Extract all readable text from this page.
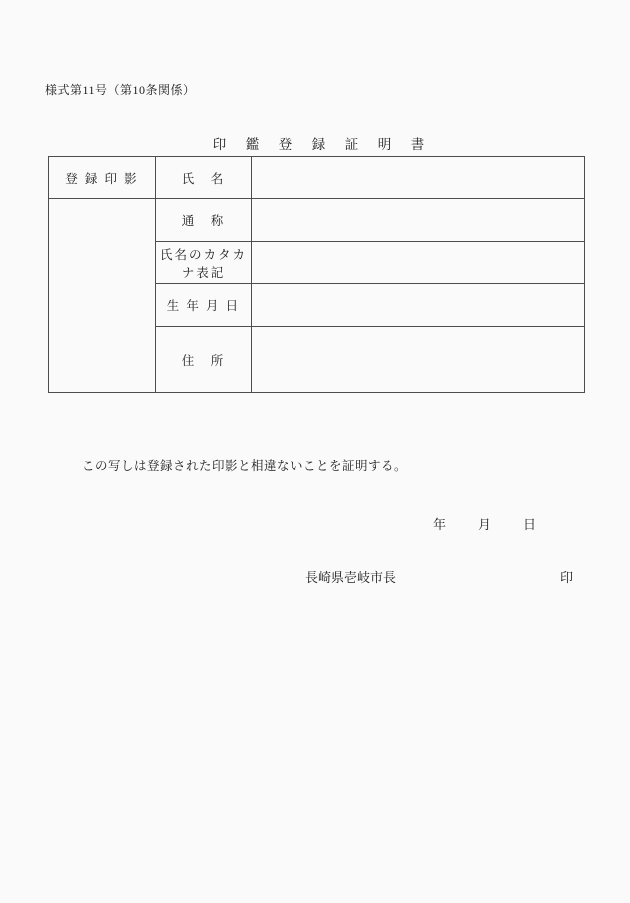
様式第11号（第10条関係）
印　鑑　登　録　証　明　書
登 録 印 影	氏　名	
	通　称	
	氏名のカタカナ表記	
	生 年 月 日	
	住　所	
この写しは登録された印影と相違ないことを証明する。
年　　月　　日
長崎県壱岐市長	印
